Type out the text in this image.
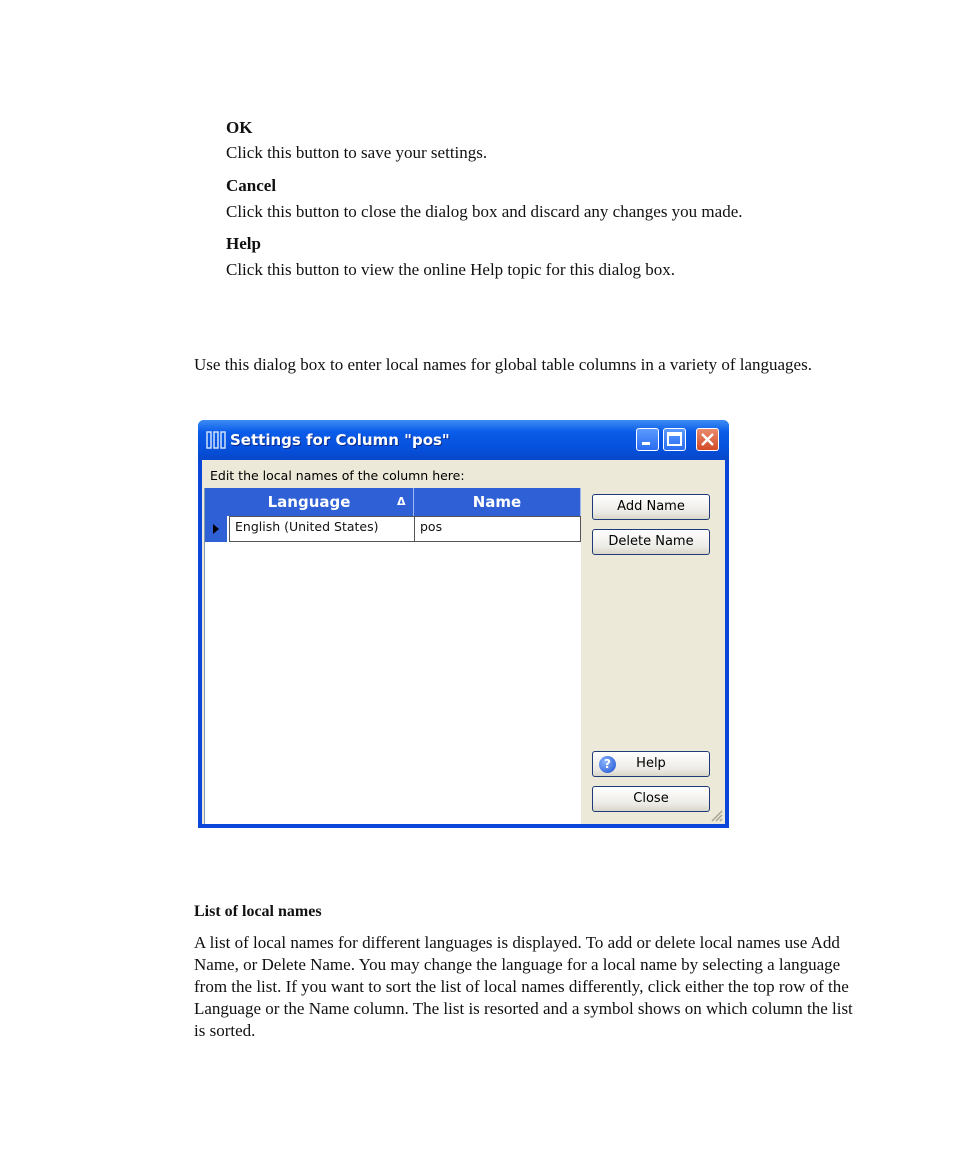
OK
Click this button to save your settings.
Cancel
Click this button to close the dialog box and discard any changes you made.
Help
Click this button to view the online Help topic for this dialog box.
Use this dialog box to enter local names for global table columns in a variety of languages.
Settings for Column "pos"
Edit the local names of the column here:
Language	Δ	Name
English (United States)	pos
Add Name
Delete Name
?	Help
Close
List of local names
A list of local names for different languages is displayed. To add or delete local names use Add Name, or Delete Name. You may change the language for a local name by selecting a language from the list. If you want to sort the list of local names differently, click either the top row of the Language or the Name column. The list is resorted and a symbol shows on which column the list is sorted.
